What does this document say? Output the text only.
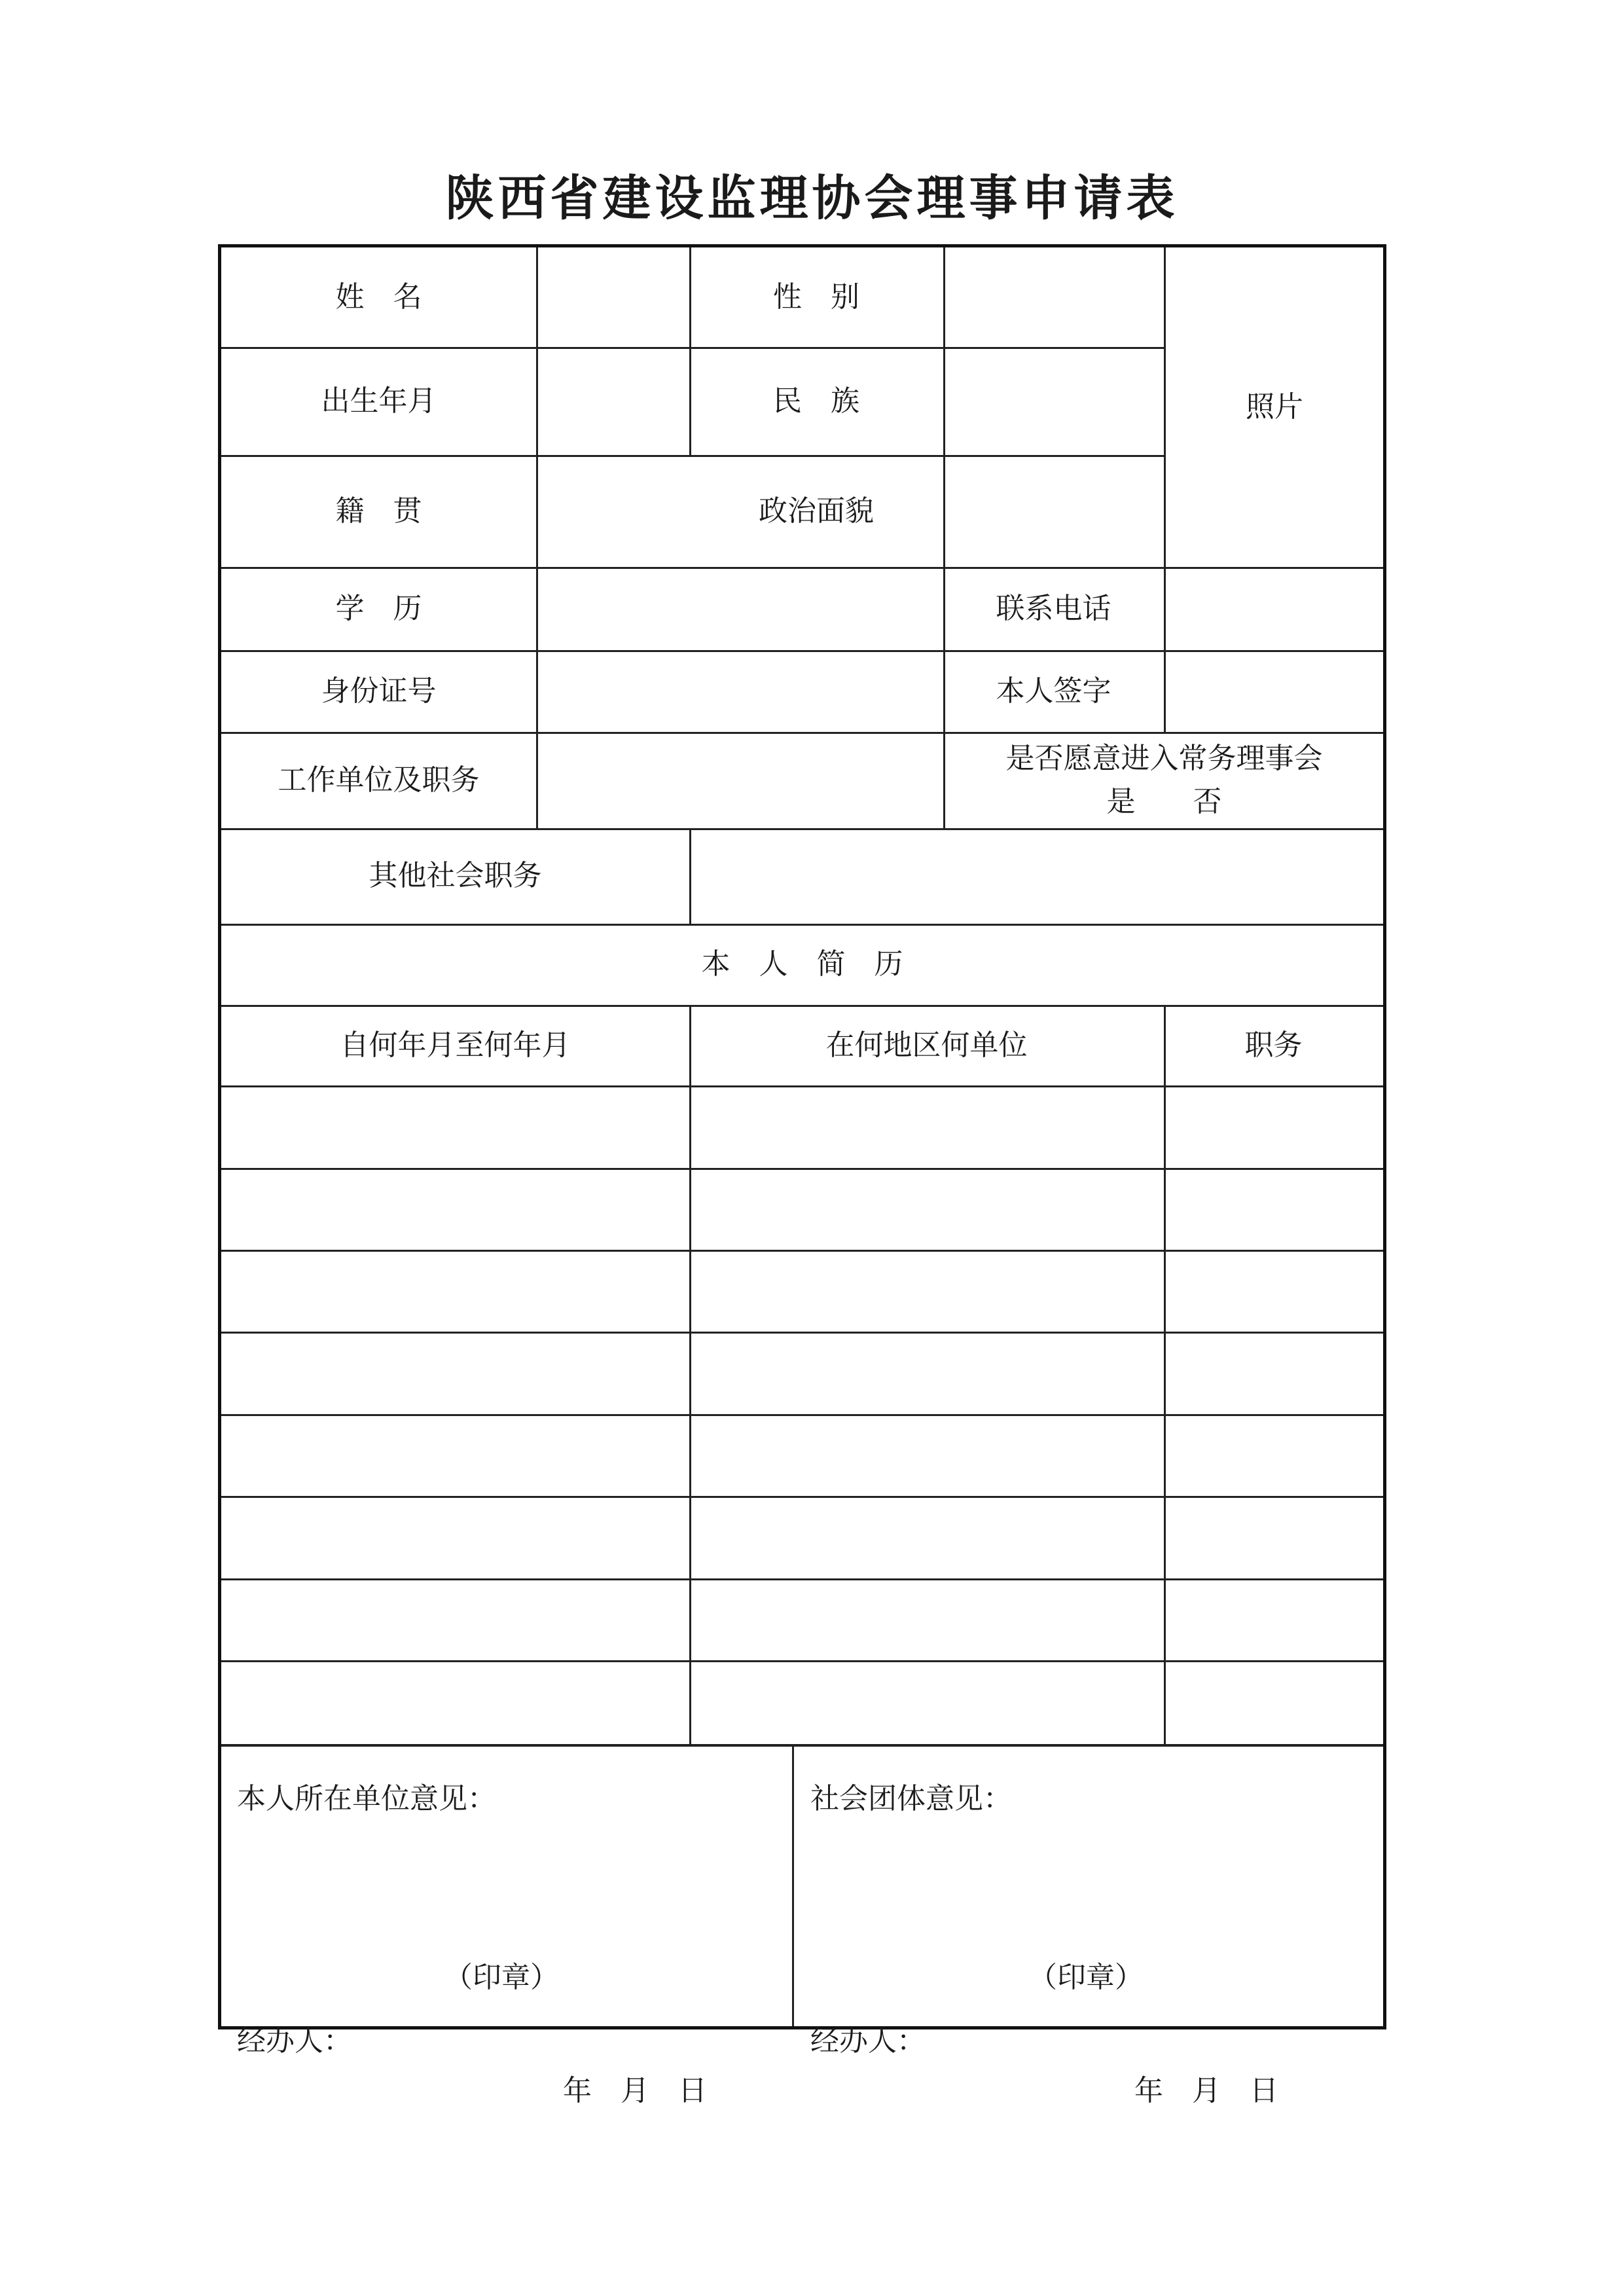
陕西省建设监理协会理事申请表
姓　名	性　别
照片
出生年月	民　族
籍　贯	政治面貌
学　历	联系电话
身份证号	本人签字
工作单位及职务
是否愿意进入常务理事会
是　　否
其他社会职务
本　人　简　历
自何年月至何年月	在何地区何单位	职务
本人所在单位意见：
（印章）
经办人：
年　月　日
社会团体意见：
（印章）
经办人：
年　月　日
